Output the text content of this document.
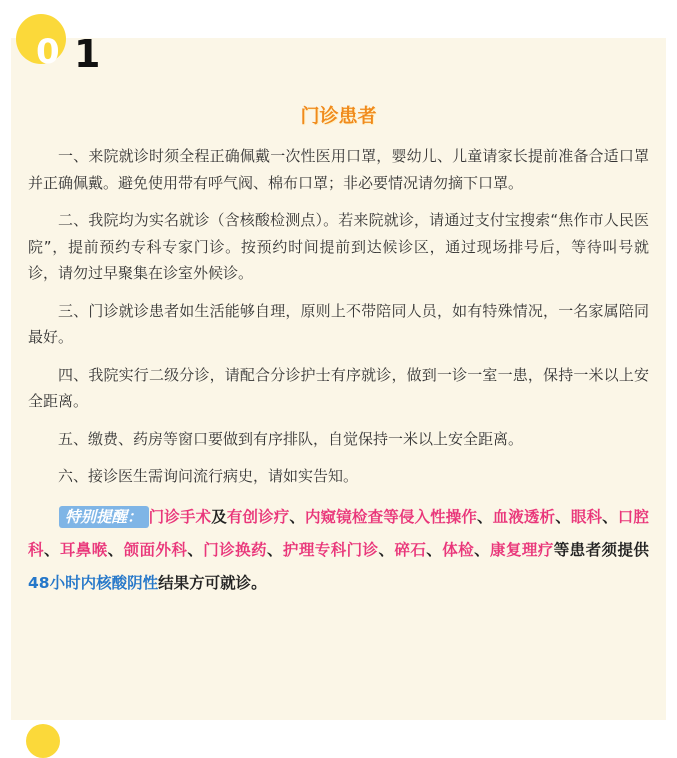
0 1
门诊患者

一、来院就诊时须全程正确佩戴一次性医用口罩，婴幼儿、儿童请家长提前准备合适口罩并正确佩戴。避免使用带有呼气阀、棉布口罩；非必要情况请勿摘下口罩。

二、我院均为实名就诊（含核酸检测点）。若来院就诊，请通过支付宝搜索“焦作市人民医院”，提前预约专科专家门诊。按预约时间提前到达候诊区，通过现场排号后，等待叫号就诊，请勿过早聚集在诊室外候诊。

三、门诊就诊患者如生活能够自理，原则上不带陪同人员，如有特殊情况，一名家属陪同最好。

四、我院实行二级分诊，请配合分诊护士有序就诊，做到一诊一室一患，保持一米以上安全距离。

五、缴费、药房等窗口要做到有序排队，自觉保持一米以上安全距离。

六、接诊医生需询问流行病史，请如实告知。

特别提醒： 门诊手术及有创诊疗、内窥镜检查等侵入性操作、血液透析、眼科、口腔科、耳鼻喉、颌面外科、门诊换药、护理专科门诊、碎石、体检、康复理疗等患者须提供48小时内核酸阴性结果方可就诊。
